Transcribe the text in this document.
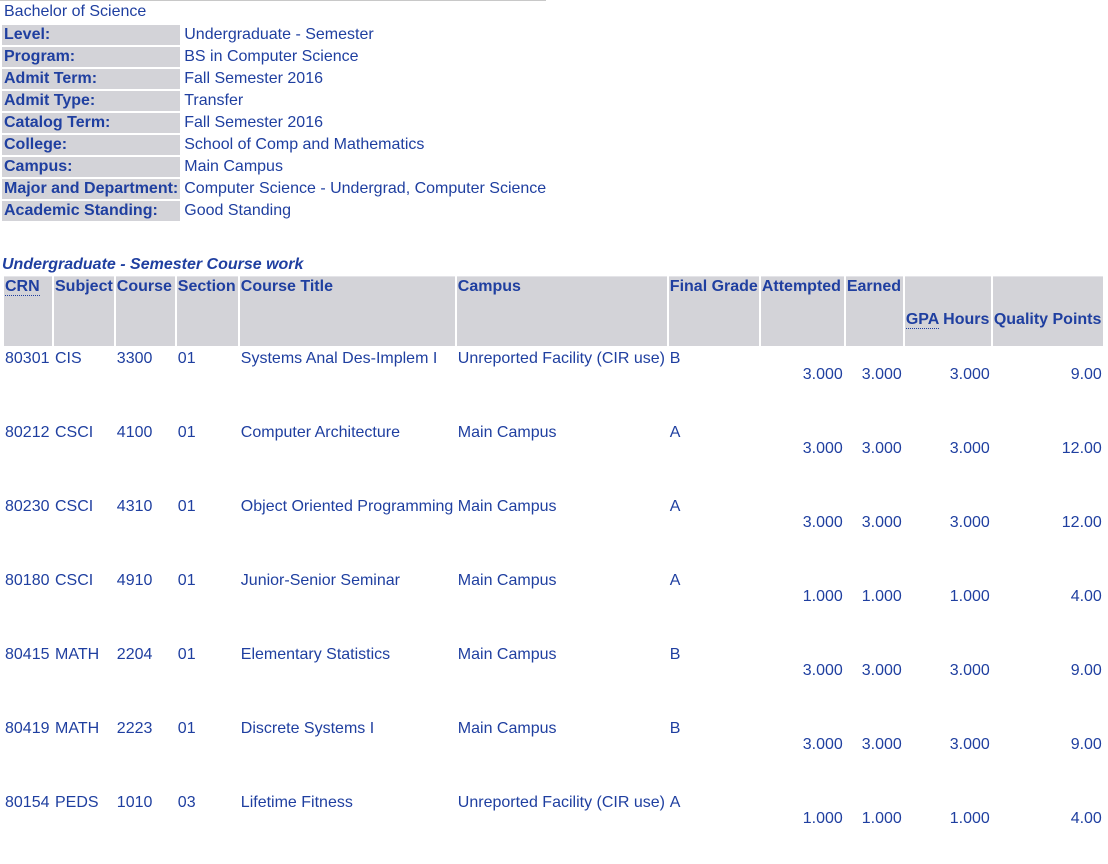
Bachelor of Science
Level:	Undergraduate - Semester
Program:	BS in Computer Science
Admit Term:	Fall Semester 2016
Admit Type:	Transfer
Catalog Term:	Fall Semester 2016
College:	School of Comp and Mathematics
Campus:	Main Campus
Major and Department:	Computer Science - Undergrad, Computer Science
Academic Standing:	Good Standing
Undergraduate - Semester Course work
CRN	Subject	Course	Section	Course Title	Campus	Final Grade	Attempted	Earned	GPA Hours	Quality Points
80301	CIS	3300	01	Systems Anal Des-Implem I	Unreported Facility (CIR use)	B	3.000	3.000	3.000	9.00
80212	CSCI	4100	01	Computer Architecture	Main Campus	A	3.000	3.000	3.000	12.00
80230	CSCI	4310	01	Object Oriented Programming	Main Campus	A	3.000	3.000	3.000	12.00
80180	CSCI	4910	01	Junior-Senior Seminar	Main Campus	A	1.000	1.000	1.000	4.00
80415	MATH	2204	01	Elementary Statistics	Main Campus	B	3.000	3.000	3.000	9.00
80419	MATH	2223	01	Discrete Systems I	Main Campus	B	3.000	3.000	3.000	9.00
80154	PEDS	1010	03	Lifetime Fitness	Unreported Facility (CIR use)	A	1.000	1.000	1.000	4.00
